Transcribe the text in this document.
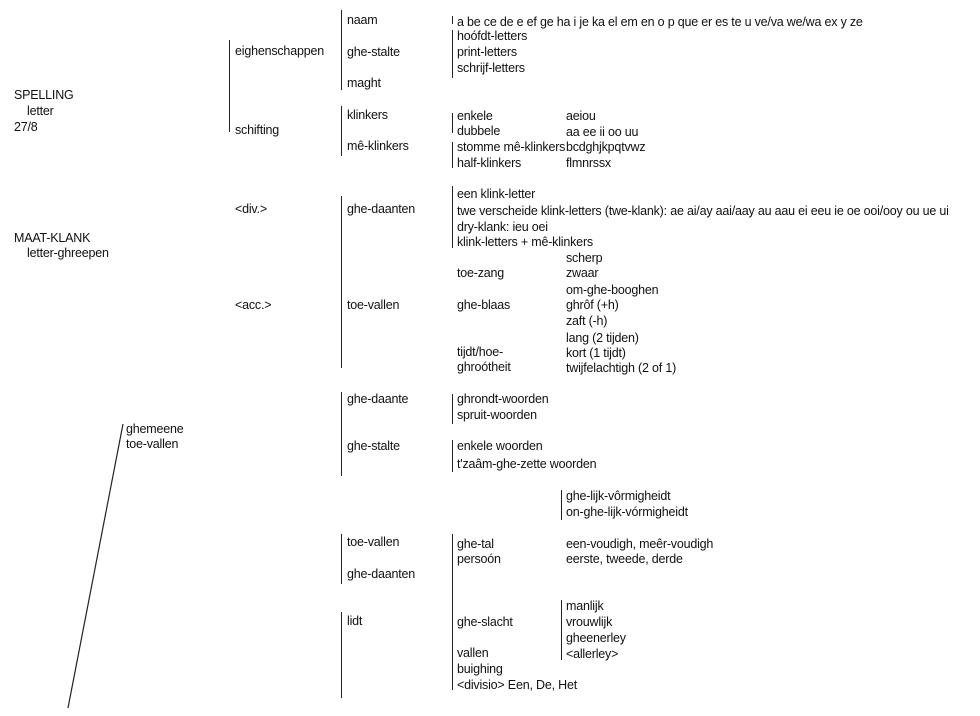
SPELLING
letter
27/8
MAAT-KLANK
letter-ghreepen
ghemeene
toe-vallen
eighenschappen
schifting
<div.>
<acc.>
naam
ghe-stalte
maght
klinkers
mê-klinkers
ghe-daanten
toe-vallen
ghe-daante
ghe-stalte
toe-vallen
ghe-daanten
lidt
a be ce de e ef ge ha i je ka el em en o p que er es te u ve/va we/wa ex y ze
hoófdt-letters
print-letters
schrijf-letters
enkele
dubbele
stomme mê-klinkers
half-klinkers
een klink-letter
twe verscheide klink-letters (twe-klank): ae ai/ay aai/aay au aau ei eeu ie oe ooi/ooy ou ue ui
dry-klank: ieu oei
klink-letters + mê-klinkers
toe-zang
ghe-blaas
tijdt/hoe-
ghroótheit
ghrondt-woorden
spruit-woorden
enkele woorden
t'zaâm-ghe-zette woorden
ghe-tal
persoón
ghe-slacht
vallen
buighing
<divisio> Een, De, Het
aeiou
aa ee ii oo uu
bcdghjkpqtvwz
flmnrssx
scherp
zwaar
om-ghe-booghen
ghrôf (+h)
zaft (-h)
lang (2 tijden)
kort (1 tijdt)
twijfelachtigh (2 of 1)
ghe-lijk-vôrmigheidt
on-ghe-lijk-vórmigheidt
een-voudigh, meêr-voudigh
eerste, tweede, derde
manlijk
vrouwlijk
gheenerley
<allerley>
